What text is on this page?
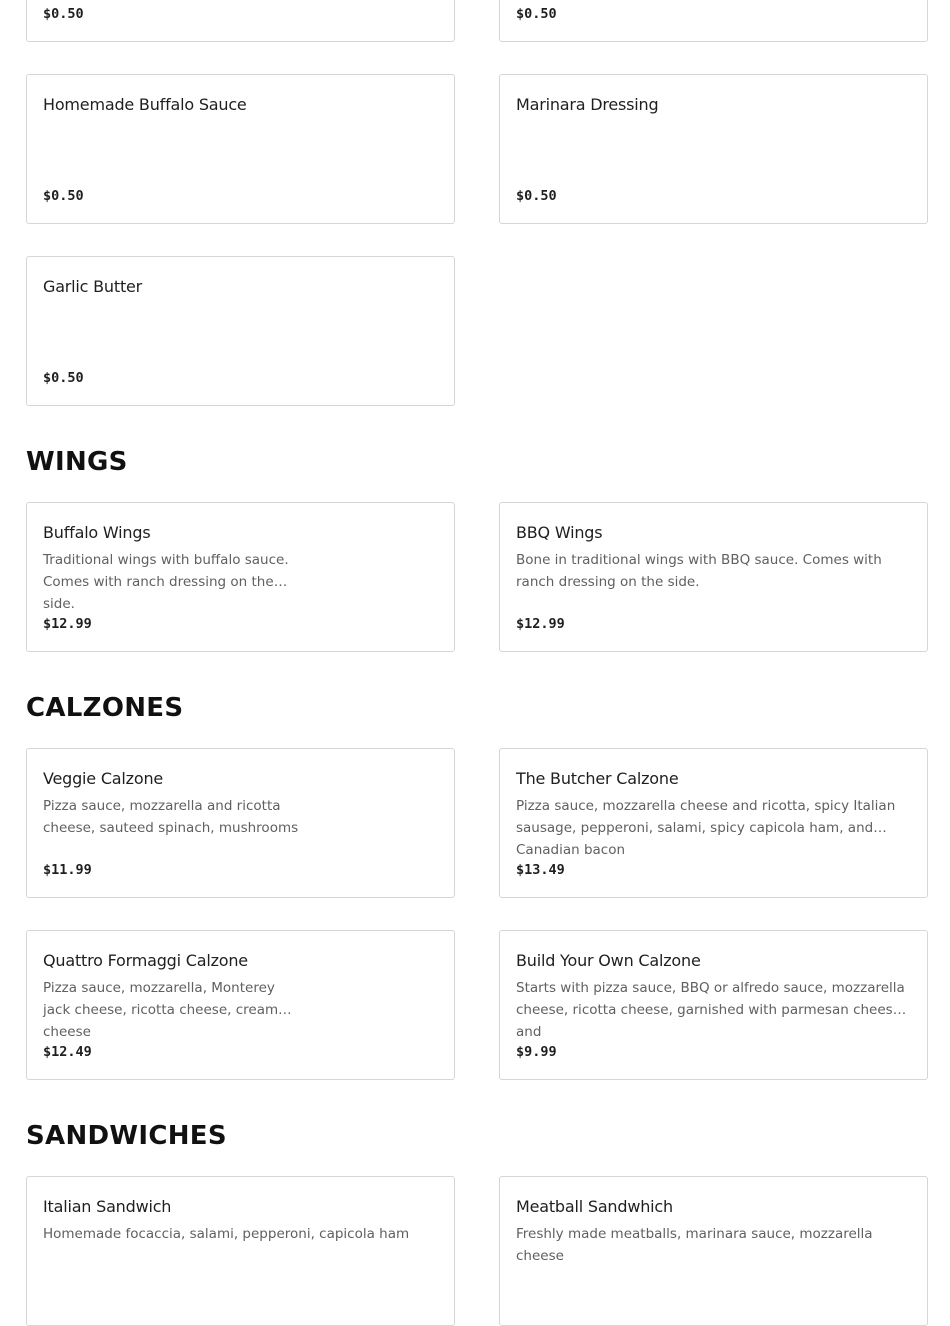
$0.50	$0.50
Homemade Buffalo Sauce
$0.50
Marinara Dressing
$0.50
Garlic Butter
$0.50
WINGS
Buffalo Wings
Traditional wings with buffalo sauce. Comes with ranch dressing on the side.
$12.99
BBQ Wings
Bone in traditional wings with BBQ sauce. Comes with ranch dressing on the side.
$12.99
CALZONES
Veggie Calzone
Pizza sauce, mozzarella and ricotta cheese, sauteed spinach, mushrooms
$11.99
The Butcher Calzone
Pizza sauce, mozzarella cheese and ricotta, spicy Italian sausage, pepperoni, salami, spicy capicola ham, and Canadian bacon
$13.49
Quattro Formaggi Calzone
Pizza sauce, mozzarella, Monterey jack cheese, ricotta cheese, cream cheese
$12.49
Build Your Own Calzone
Starts with pizza sauce, BBQ or alfredo sauce, mozzarella cheese, ricotta cheese, garnished with parmesan cheese, and
$9.99
SANDWICHES
Italian Sandwich
Homemade focaccia, salami, pepperoni, capicola ham
Meatball Sandwhich
Freshly made meatballs, marinara sauce, mozzarella cheese
